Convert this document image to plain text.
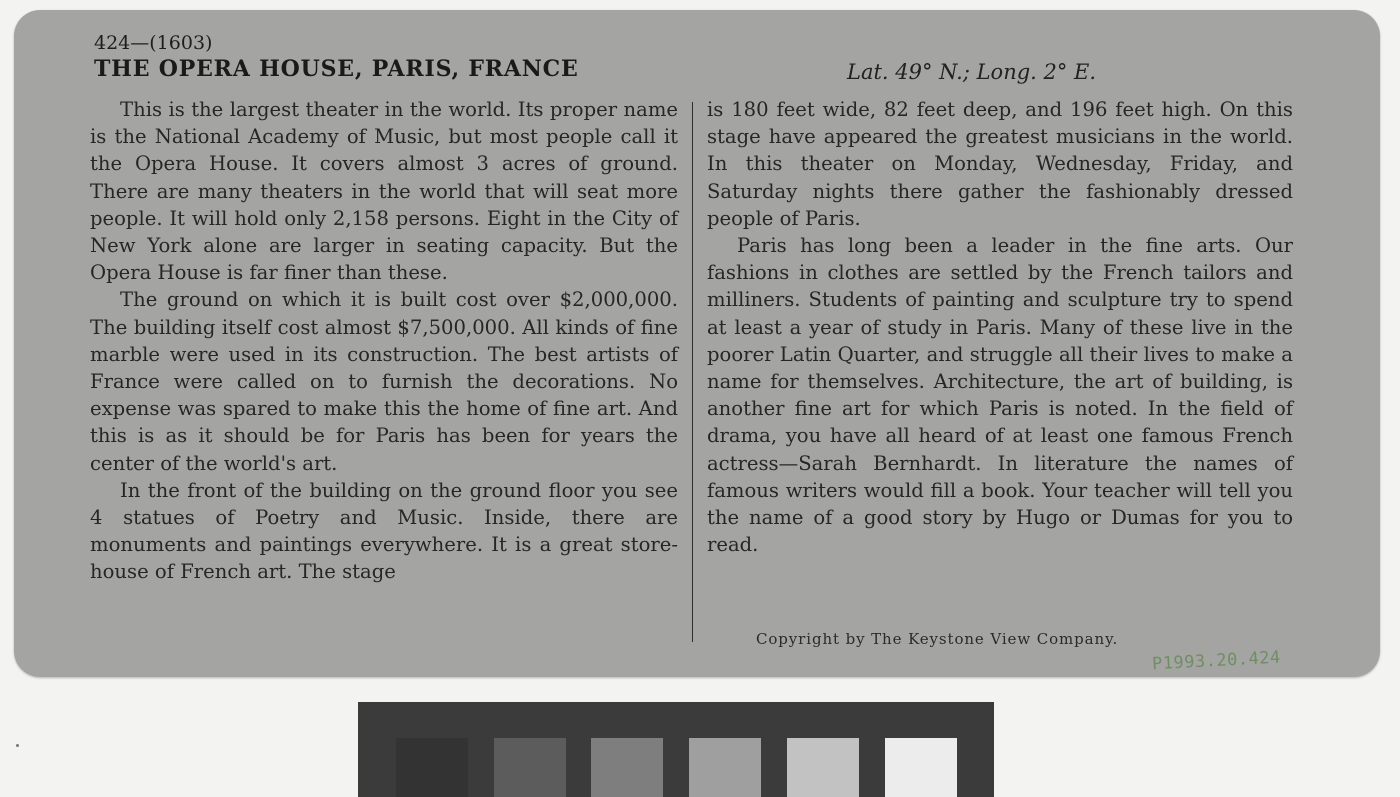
424—(1603)
THE OPERA HOUSE, PARIS, FRANCE	Lat. 49° N.; Long. 2° E.

This is the largest theater in the world. Its proper name is the National Academy of Music, but most people call it the Opera House. It covers almost 3 acres of ground. There are many theaters in the world that will seat more people. It will hold only 2,158 persons. Eight in the City of New York alone are larger in seating capacity. But the Opera House is far finer than these.

The ground on which it is built cost over $2,000,000. The building itself cost almost $7,500,000. All kinds of fine marble were used in its construction. The best artists of France were called on to furnish the decorations. No expense was spared to make this the home of fine art. And this is as it should be for Paris has been for years the center of the world's art.

In the front of the building on the ground floor you see 4 statues of Poetry and Music. Inside, there are monuments and paintings everywhere. It is a great store-house of French art. The stage

is 180 feet wide, 82 feet deep, and 196 feet high. On this stage have appeared the greatest musicians in the world. In this theater on Monday, Wednesday, Friday, and Saturday nights there gather the fashionably dressed people of Paris.

Paris has long been a leader in the fine arts. Our fashions in clothes are settled by the French tailors and milliners. Students of painting and sculpture try to spend at least a year of study in Paris. Many of these live in the poorer Latin Quarter, and struggle all their lives to make a name for themselves. Architecture, the art of building, is another fine art for which Paris is noted. In the field of drama, you have all heard of at least one famous French actress—Sarah Bernhardt. In literature the names of famous writers would fill a book. Your teacher will tell you the name of a good story by Hugo or Dumas for you to read.

Copyright by The Keystone View Company.
P1993.20.424
